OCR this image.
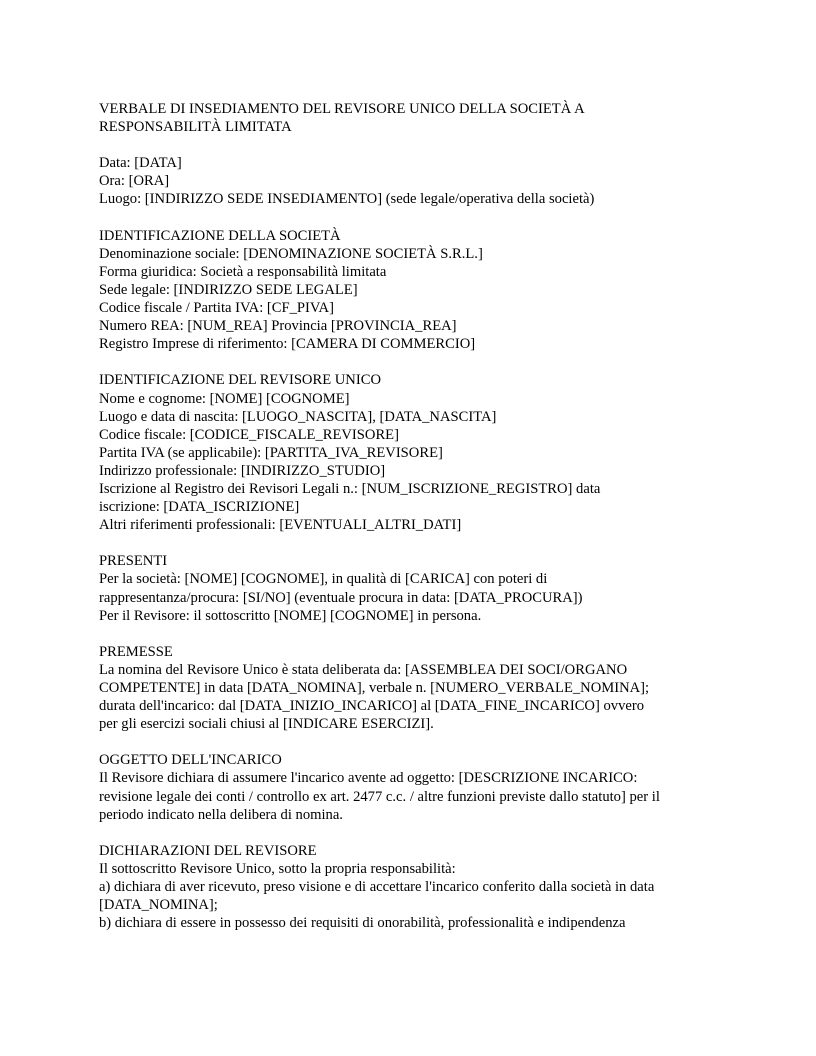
VERBALE DI INSEDIAMENTO DEL REVISORE UNICO DELLA SOCIETÀ A
RESPONSABILITÀ LIMITATA
Data: [DATA]
Ora: [ORA]
Luogo: [INDIRIZZO SEDE INSEDIAMENTO] (sede legale/operativa della società)
IDENTIFICAZIONE DELLA SOCIETÀ
Denominazione sociale: [DENOMINAZIONE SOCIETÀ S.R.L.]
Forma giuridica: Società a responsabilità limitata
Sede legale: [INDIRIZZO SEDE LEGALE]
Codice fiscale / Partita IVA: [CF_PIVA]
Numero REA: [NUM_REA] Provincia [PROVINCIA_REA]
Registro Imprese di riferimento: [CAMERA DI COMMERCIO]
IDENTIFICAZIONE DEL REVISORE UNICO
Nome e cognome: [NOME] [COGNOME]
Luogo e data di nascita: [LUOGO_NASCITA], [DATA_NASCITA]
Codice fiscale: [CODICE_FISCALE_REVISORE]
Partita IVA (se applicabile): [PARTITA_IVA_REVISORE]
Indirizzo professionale: [INDIRIZZO_STUDIO]
Iscrizione al Registro dei Revisori Legali n.: [NUM_ISCRIZIONE_REGISTRO] data
iscrizione: [DATA_ISCRIZIONE]
Altri riferimenti professionali: [EVENTUALI_ALTRI_DATI]
PRESENTI
Per la società: [NOME] [COGNOME], in qualità di [CARICA] con poteri di
rappresentanza/procura: [SI/NO] (eventuale procura in data: [DATA_PROCURA])
Per il Revisore: il sottoscritto [NOME] [COGNOME] in persona.
PREMESSE
La nomina del Revisore Unico è stata deliberata da: [ASSEMBLEA DEI SOCI/ORGANO
COMPETENTE] in data [DATA_NOMINA], verbale n. [NUMERO_VERBALE_NOMINA];
durata dell'incarico: dal [DATA_INIZIO_INCARICO] al [DATA_FINE_INCARICO] ovvero
per gli esercizi sociali chiusi al [INDICARE ESERCIZI].
OGGETTO DELL'INCARICO
Il Revisore dichiara di assumere l'incarico avente ad oggetto: [DESCRIZIONE INCARICO:
revisione legale dei conti / controllo ex art. 2477 c.c. / altre funzioni previste dallo statuto] per il
periodo indicato nella delibera di nomina.
DICHIARAZIONI DEL REVISORE
Il sottoscritto Revisore Unico, sotto la propria responsabilità:
a) dichiara di aver ricevuto, preso visione e di accettare l'incarico conferito dalla società in data
[DATA_NOMINA];
b) dichiara di essere in possesso dei requisiti di onorabilità, professionalità e indipendenza
